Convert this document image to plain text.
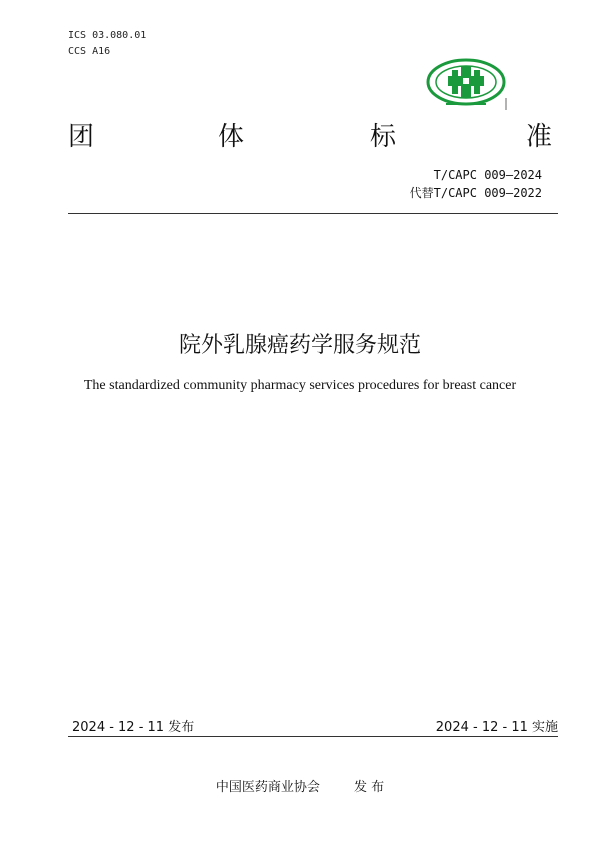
ICS 03.080.01
CCS A16
团	体	标	准
T/CAPC 009—2024
代替T/CAPC 009—2022
院外乳腺癌药学服务规范
The standardized community pharmacy services procedures for breast cancer
2024 - 12 - 11 发布	2024 - 12 - 11 实施
中国医药商业协会	发 布
